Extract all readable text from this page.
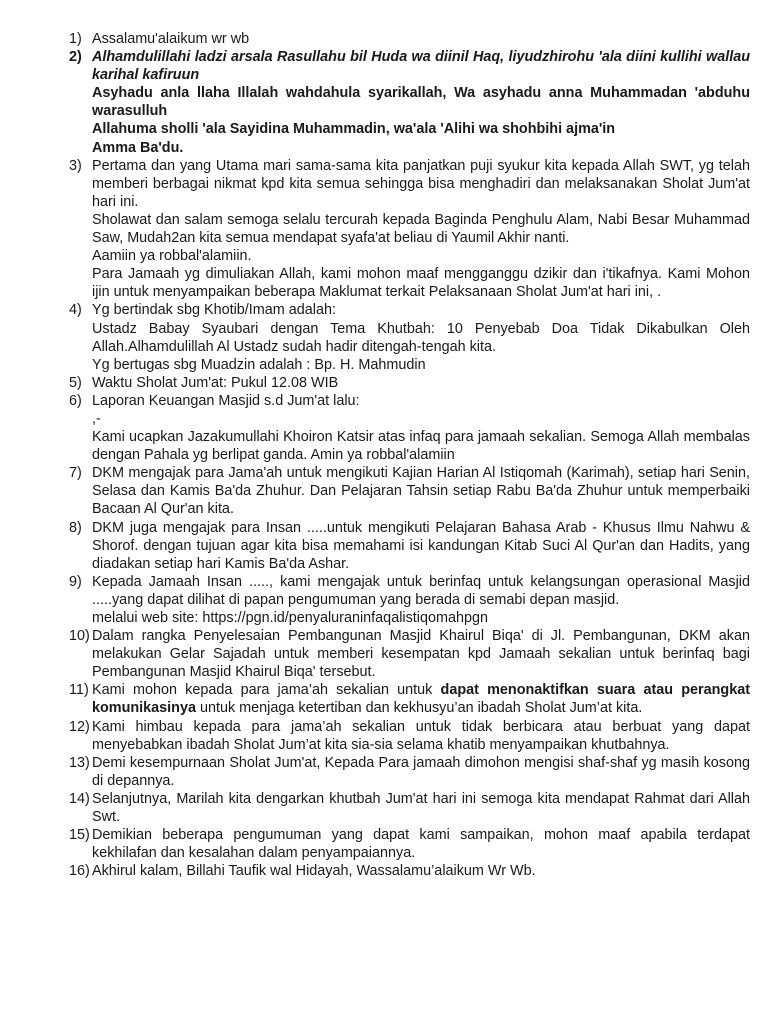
1) Assalamu'alaikum wr wb
2) Alhamdulillahi ladzi arsala Rasullahu bil Huda wa diinil Haq, liyudzhirohu 'ala diini kullihi wallau karihal kafiruun
Asyhadu anla llaha Illalah wahdahula syarikallah, Wa asyhadu anna Muhammadan 'abduhu warasulluh
Allahuma sholli 'ala Sayidina Muhammadin, wa'ala 'Alihi wa shohbihi ajma'in
Amma Ba'du.
3) Pertama dan yang Utama mari sama-sama kita panjatkan puji syukur kita kepada Allah SWT, yg telah memberi berbagai nikmat kpd kita semua sehingga bisa menghadiri dan melaksanakan Sholat Jum'at hari ini.
Sholawat dan salam semoga selalu tercurah kepada Baginda Penghulu Alam, Nabi Besar Muhammad Saw, Mudah2an kita semua mendapat syafa'at beliau di Yaumil Akhir nanti.
Aamiin ya robbal'alamiin.
Para Jamaah yg dimuliakan Allah, kami mohon maaf mengganggu dzikir dan i'tikafnya. Kami Mohon ijin untuk menyampaikan beberapa Maklumat terkait Pelaksanaan Sholat Jum'at hari ini, .
4) Yg bertindak sbg Khotib/Imam adalah:
Ustadz Babay Syaubari dengan Tema Khutbah: 10 Penyebab Doa Tidak Dikabulkan Oleh Allah.Alhamdulillah Al Ustadz sudah hadir ditengah-tengah kita.
Yg bertugas sbg Muadzin adalah : Bp. H. Mahmudin
5) Waktu Sholat Jum'at: Pukul 12.08 WIB
6) Laporan Keuangan Masjid s.d Jum'at lalu:
,-
Kami ucapkan Jazakumullahi Khoiron Katsir atas infaq para jamaah sekalian. Semoga Allah membalas dengan Pahala yg berlipat ganda. Amin ya robbal'alamiin
7) DKM mengajak para Jama'ah untuk mengikuti Kajian Harian Al Istiqomah (Karimah), setiap hari Senin, Selasa dan Kamis Ba'da Zhuhur. Dan Pelajaran Tahsin setiap Rabu Ba'da Zhuhur untuk memperbaiki Bacaan Al Qur'an kita.
8) DKM juga mengajak para Insan .....untuk mengikuti Pelajaran Bahasa Arab - Khusus Ilmu Nahwu & Shorof. dengan tujuan agar kita bisa memahami isi kandungan Kitab Suci Al Qur'an dan Hadits, yang diadakan setiap hari Kamis Ba'da Ashar.
9) Kepada Jamaah Insan ....., kami mengajak untuk berinfaq untuk kelangsungan operasional Masjid .....yang dapat dilihat di papan pengumuman yang berada di semabi depan masjid.
melalui web site: https://pgn.id/penyaluraninfaqalistiqomahpgn
10) Dalam rangka Penyelesaian Pembangunan Masjid Khairul Biqa' di Jl. Pembangunan, DKM akan melakukan Gelar Sajadah untuk memberi kesempatan kpd Jamaah sekalian untuk berinfaq bagi Pembangunan Masjid Khairul Biqa' tersebut.
11) Kami mohon kepada para jama’ah sekalian untuk dapat menonaktifkan suara atau perangkat komunikasinya untuk menjaga ketertiban dan kekhusyu’an ibadah Sholat Jum’at kita.
12) Kami himbau kepada para jama’ah sekalian untuk tidak berbicara atau berbuat yang dapat menyebabkan ibadah Sholat Jum’at kita sia-sia selama khatib menyampaikan khutbahnya.
13) Demi kesempurnaan Sholat Jum'at, Kepada Para jamaah dimohon mengisi shaf-shaf yg masih kosong di depannya.
14) Selanjutnya, Marilah kita dengarkan khutbah Jum'at hari ini semoga kita mendapat Rahmat dari Allah Swt.
15) Demikian beberapa pengumuman yang dapat kami sampaikan, mohon maaf apabila terdapat kekhilafan dan kesalahan dalam penyampaiannya.
16) Akhirul kalam, Billahi Taufik wal Hidayah, Wassalamu’alaikum Wr Wb.
